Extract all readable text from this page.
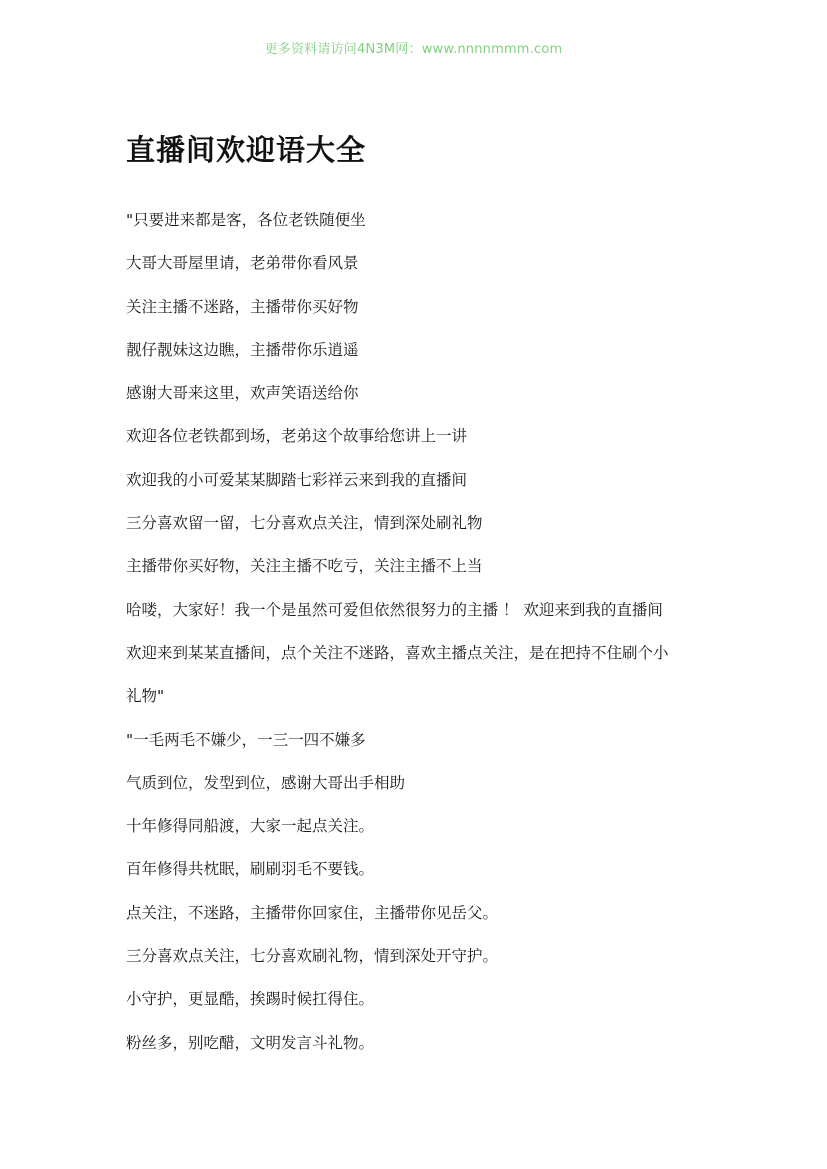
更多资料请访问4N3M网：www.nnnnmmm.com
直播间欢迎语大全
"只要进来都是客，各位老铁随便坐
大哥大哥屋里请，老弟带你看风景
关注主播不迷路，主播带你买好物
靓仔靓妹这边瞧，主播带你乐逍遥
感谢大哥来这里，欢声笑语送给你
欢迎各位老铁都到场，老弟这个故事给您讲上一讲
欢迎我的小可爱某某脚踏七彩祥云来到我的直播间
三分喜欢留一留，七分喜欢点关注，情到深处刷礼物
主播带你买好物，关注主播不吃亏，关注主播不上当
哈喽，大家好！我一个是虽然可爱但依然很努力的主播 ！ 欢迎来到我的直播间
欢迎来到某某直播间，点个关注不迷路，喜欢主播点关注，是在把持不住刷个小
礼物"
"一毛两毛不嫌少，一三一四不嫌多
气质到位，发型到位，感谢大哥出手相助
十年修得同船渡，大家一起点关注。
百年修得共枕眠，刷刷羽毛不要钱。
点关注，不迷路，主播带你回家住，主播带你见岳父。
三分喜欢点关注，七分喜欢刷礼物，情到深处开守护。
小守护，更显酷，挨踢时候扛得住。
粉丝多，别吃醋，文明发言斗礼物。
